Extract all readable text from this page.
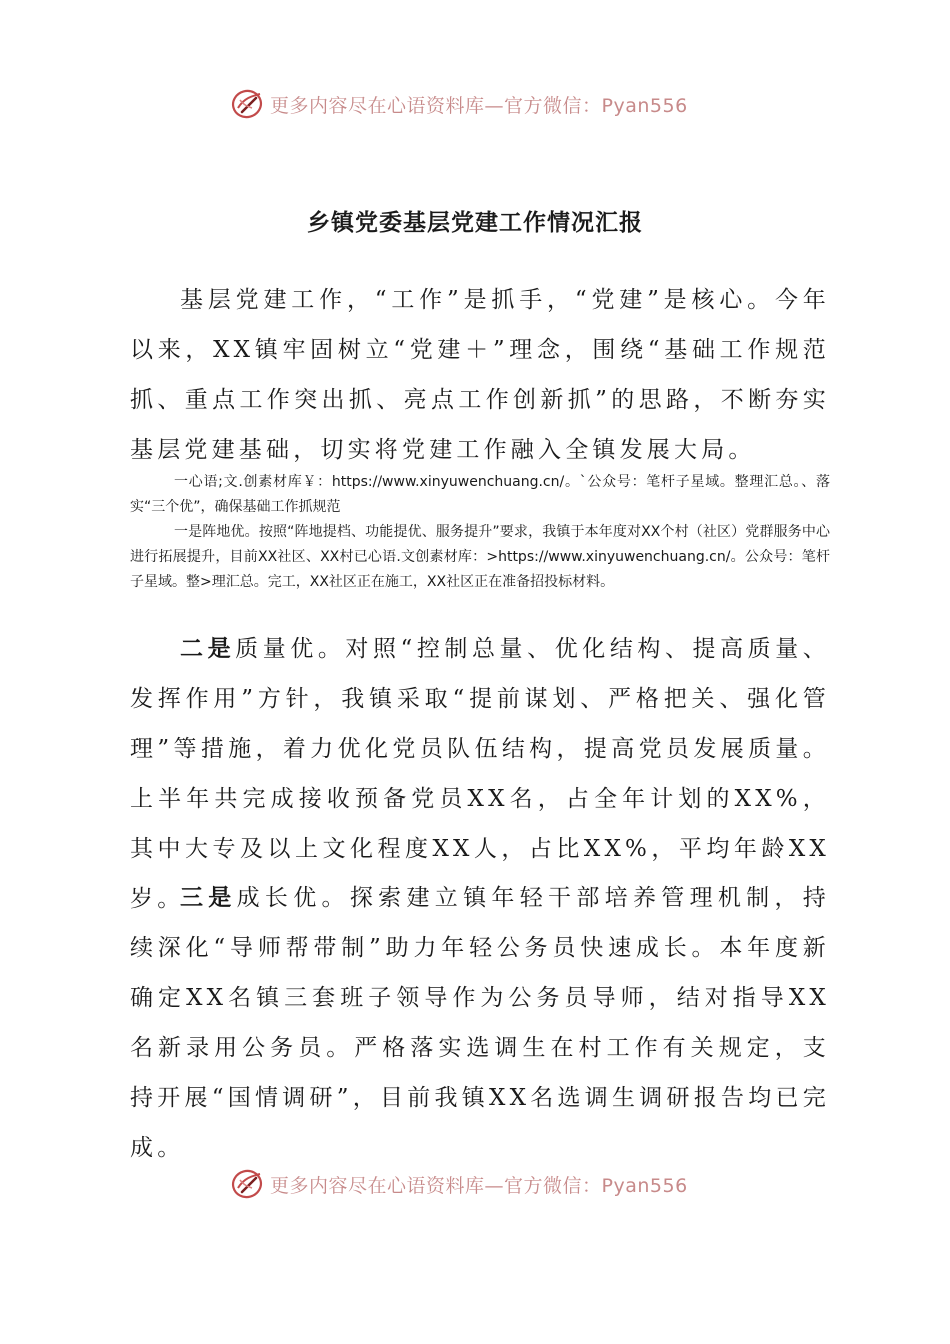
更多内容尽在心语资料库—官方微信：Pyan556
乡镇党委基层党建工作情况汇报

基层党建工作，“工作”是抓手，“党建”是核心。今年以来，XX镇牢固树立“党建＋”理念，围绕“基础工作规范抓、重点工作突出抓、亮点工作创新抓”的思路，不断夯实基层党建基础，切实将党建工作融入全镇发展大局。

一心语;文.创素材库￥：https://www.xinyuwenchuang.cn/。`公众号：笔杆子星域。整理汇总。、落实“三个优”，确保基础工作抓规范
一是阵地优。按照“阵地提档、功能提优、服务提升”要求，我镇于本年度对XX个村（社区）党群服务中心进行拓展提升，目前XX社区、XX村已心语.文创素材库：>https://www.xinyuwenchuang.cn/。公众号：笔杆子星域。整>理汇总。完工，XX社区正在施工，XX社区正在准备招投标材料。

二是质量优。对照“控制总量、优化结构、提高质量、发挥作用”方针，我镇采取“提前谋划、严格把关、强化管理”等措施，着力优化党员队伍结构，提高党员发展质量。上半年共完成接收预备党员XX名，占全年计划的XX%，其中大专及以上文化程度XX人，占比XX%，平均年龄XX岁。

三是成长优。探索建立镇年轻干部培养管理机制，持续深化“导师帮带制”助力年轻公务员快速成长。本年度新确定XX名镇三套班子领导作为公务员导师，结对指导XX名新录用公务员。严格落实选调生在村工作有关规定，支持开展“国情调研”，目前我镇XX名选调生调研报告均已完成。

更多内容尽在心语资料库—官方微信：Pyan556
